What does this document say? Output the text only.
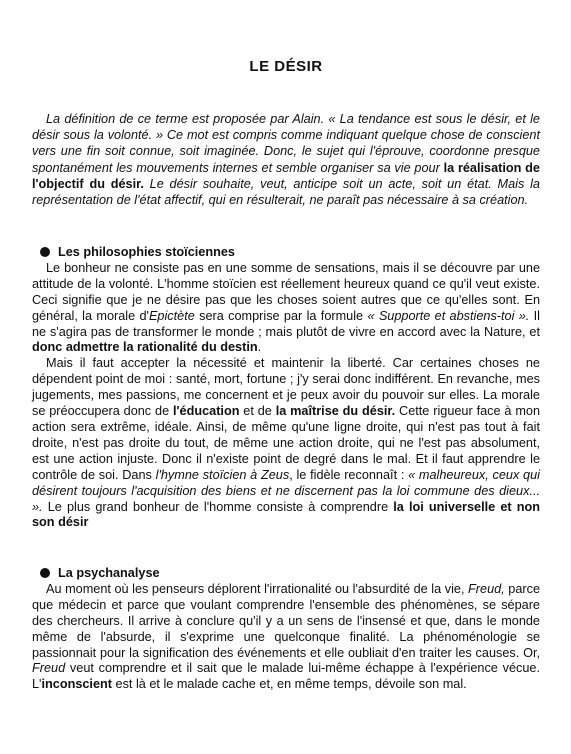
LE DÉSIR
La définition de ce terme est proposée par Alain. « La tendance est sous le désir, et le désir sous la volonté. » Ce mot est compris comme indiquant quelque chose de conscient vers une fin soit connue, soit imaginée. Donc, le sujet qui l'éprouve, coordonne presque spontanément les mouvements internes et semble organiser sa vie pour la réalisation de l'objectif du désir. Le désir souhaite, veut, anticipe soit un acte, soit un état. Mais la représentation de l'état affectif, qui en résulterait, ne paraît pas nécessaire à sa création.
Les philosophies stoïciennes

Le bonheur ne consiste pas en une somme de sensations, mais il se découvre par une attitude de la volonté. L'homme stoïcien est réellement heureux quand ce qu'il veut existe. Ceci signifie que je ne désire pas que les choses soient autres que ce qu'elles sont. En général, la morale d'Epictète sera comprise par la formule « Supporte et abstiens-toi ». Il ne s'agira pas de transformer le monde ; mais plutôt de vivre en accord avec la Nature, et donc admettre la rationalité du destin.

Mais il faut accepter la nécessité et maintenir la liberté. Car certaines choses ne dépendent point de moi : santé, mort, fortune ; j'y serai donc indifférent. En revanche, mes jugements, mes passions, me concernent et je peux avoir du pouvoir sur elles. La morale se préoccupera donc de l'éducation et de la maîtrise du désir. Cette rigueur face à mon action sera extrême, idéale. Ainsi, de même qu'une ligne droite, qui n'est pas tout à fait droite, n'est pas droite du tout, de même une action droite, qui ne l'est pas absolument, est une action injuste. Donc il n'existe point de degré dans le mal. Et il faut apprendre le contrôle de soi. Dans l'hymne stoïcien à Zeus, le fidèle reconnaît : « malheureux, ceux qui désirent toujours l'acquisition des biens et ne discernent pas la loi commune des dieux... ». Le plus grand bonheur de l'homme consiste à comprendre la loi universelle et non son désir

La psychanalyse

Au moment où les penseurs déplorent l'irrationalité ou l'absurdité de la vie, Freud, parce que médecin et parce que voulant comprendre l'ensemble des phénomènes, se sépare des chercheurs. Il arrive à conclure qu'il y a un sens de l'insensé et que, dans le monde même de l'absurde, il s'exprime une quelconque finalité. La phénoménologie se passionnait pour la signification des événements et elle oubliait d'en traiter les causes. Or, Freud veut comprendre et il sait que le malade lui-même échappe à l'expérience vécue. L'inconscient est là et le malade cache et, en même temps, dévoile son mal.
